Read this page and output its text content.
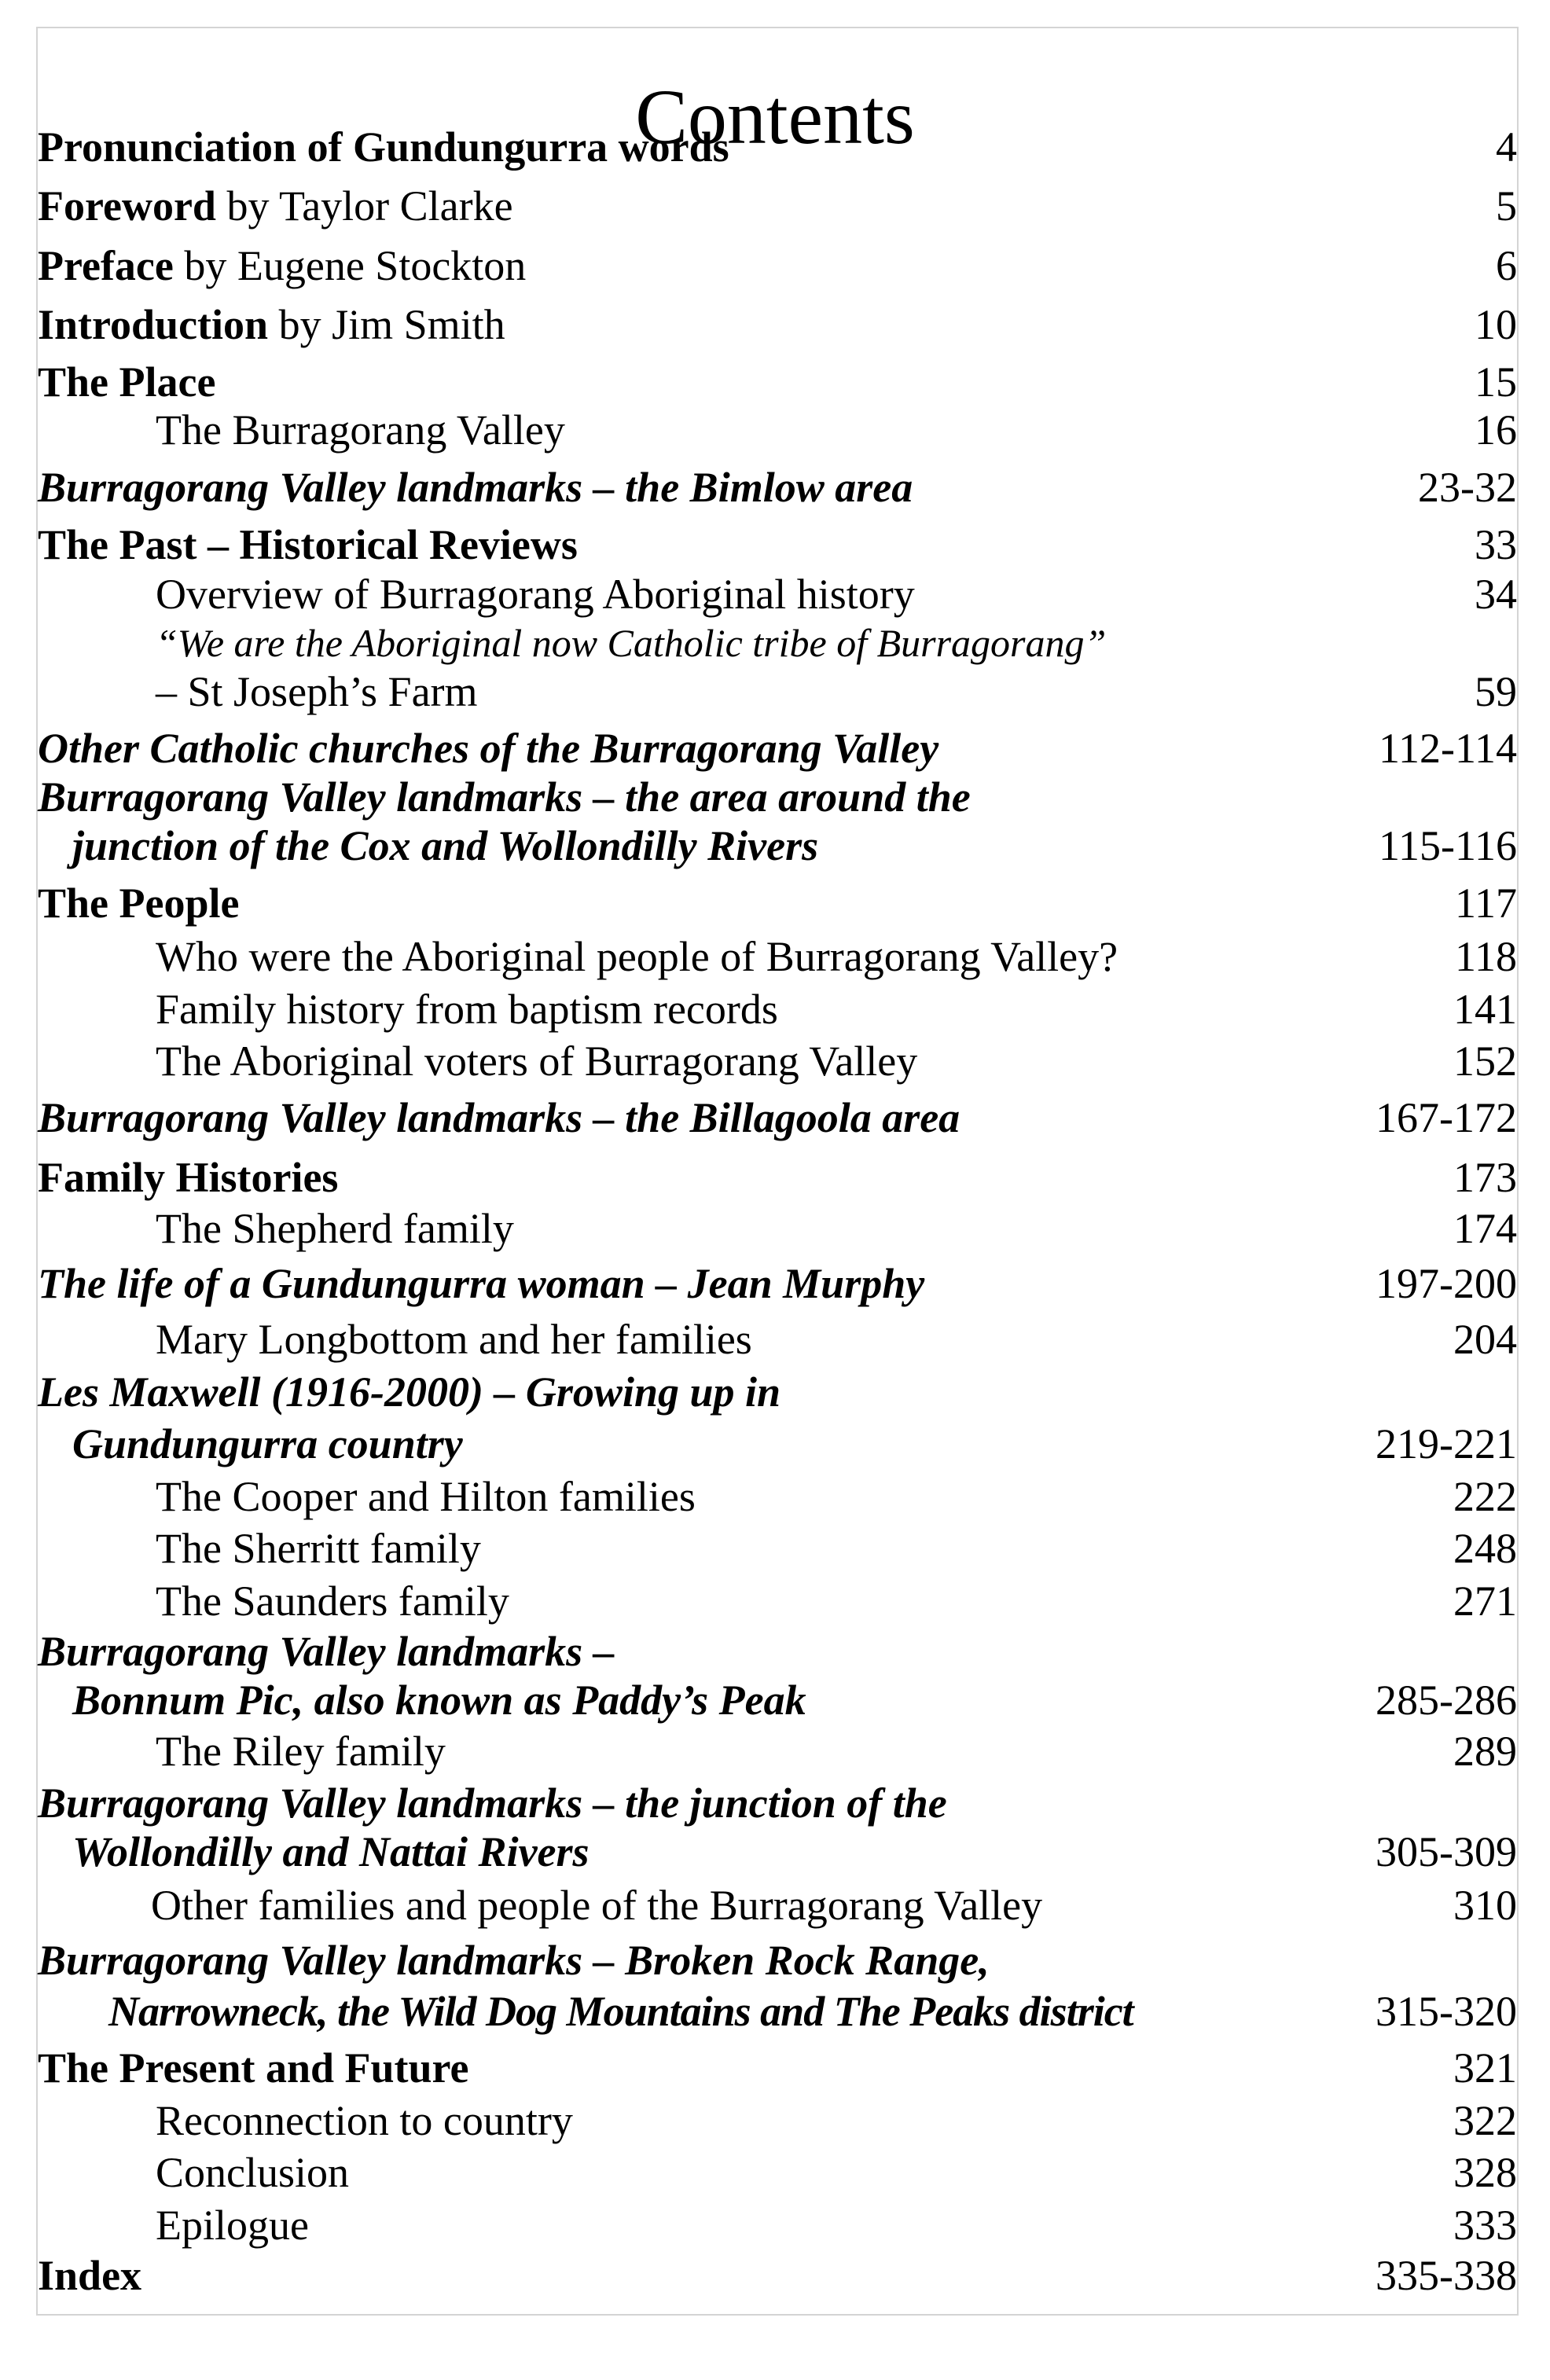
Contents
Pronunciation of Gundungurra words	4
Foreword by Taylor Clarke	5
Preface by Eugene Stockton	6
Introduction by Jim Smith	10
The Place	15
The Burragorang Valley	16
Burragorang Valley landmarks – the Bimlow area	23-32
The Past – Historical Reviews	33
Overview of Burragorang Aboriginal history	34
“We are the Aboriginal now Catholic tribe of Burragorang”
– St Joseph’s Farm	59
Other Catholic churches of the Burragorang Valley	112-114
Burragorang Valley landmarks – the area around the
junction of the Cox and Wollondilly Rivers	115-116
The People	117
Who were the Aboriginal people of Burragorang Valley?	118
Family history from baptism records	141
The Aboriginal voters of Burragorang Valley	152
Burragorang Valley landmarks – the Billagoola area	167-172
Family Histories	173
The Shepherd family	174
The life of a Gundungurra woman – Jean Murphy	197-200
Mary Longbottom and her families	204
Les Maxwell (1916-2000) – Growing up in
Gundungurra country	219-221
The Cooper and Hilton families	222
The Sherritt family	248
The Saunders family	271
Burragorang Valley landmarks –
Bonnum Pic, also known as Paddy’s Peak	285-286
The Riley family	289
Burragorang Valley landmarks – the junction of the
Wollondilly and Nattai Rivers	305-309
Other families and people of the Burragorang Valley	310
Burragorang Valley landmarks – Broken Rock Range,
Narrowneck, the Wild Dog Mountains and The Peaks district	315-320
The Present and Future	321
Reconnection to country	322
Conclusion	328
Epilogue	333
Index	335-338
